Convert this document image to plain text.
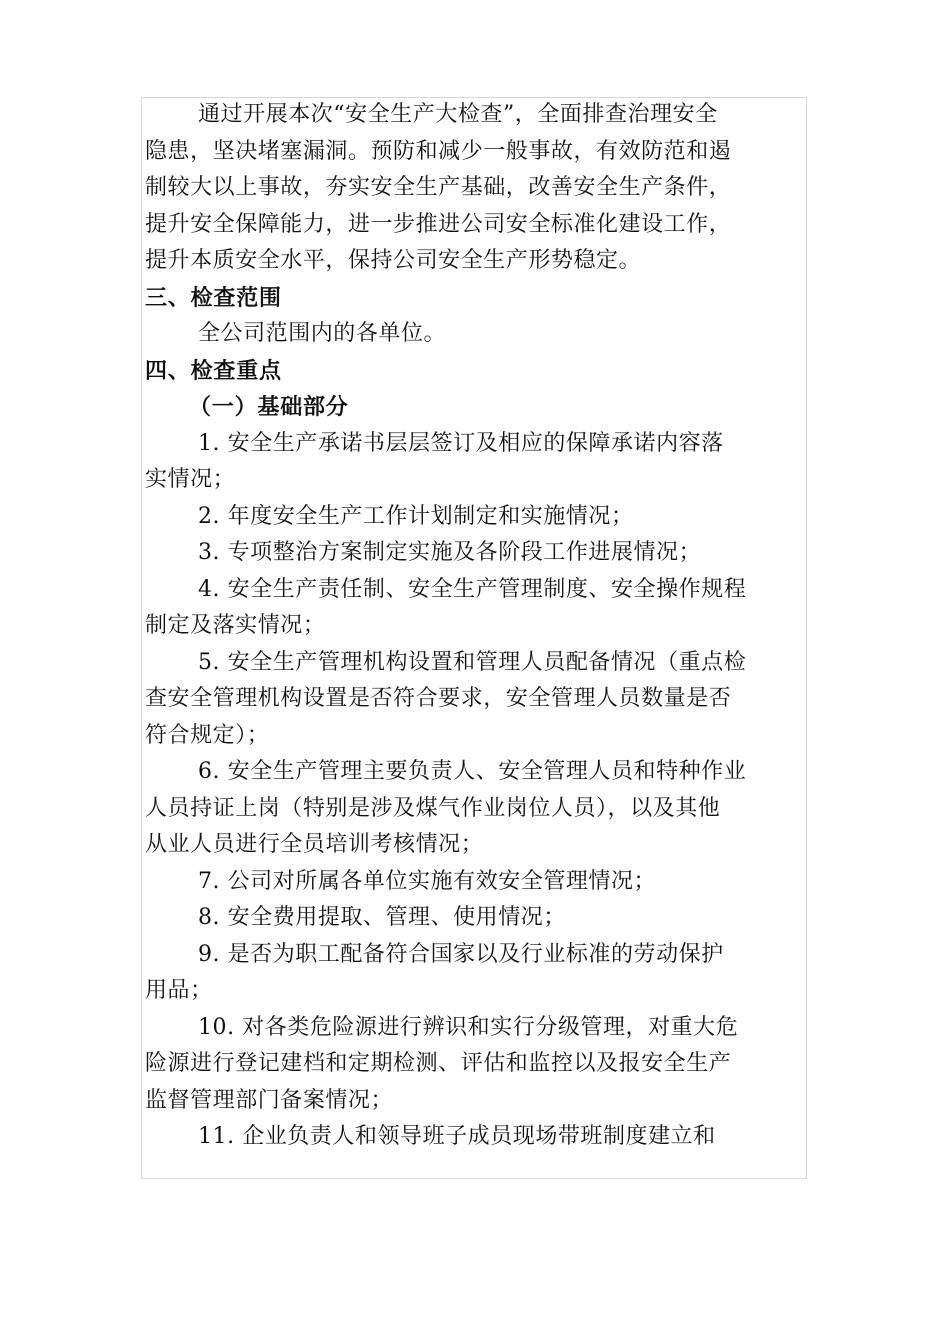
通过开展本次“安全生产大检查”，全面排查治理安全
隐患，坚决堵塞漏洞。预防和减少一般事故，有效防范和遏
制较大以上事故，夯实安全生产基础，改善安全生产条件，
提升安全保障能力，进一步推进公司安全标准化建设工作，
提升本质安全水平，保持公司安全生产形势稳定。
三、检查范围
全公司范围内的各单位。
四、检查重点
（一）基础部分
1. 安全生产承诺书层层签订及相应的保障承诺内容落
实情况；
2. 年度安全生产工作计划制定和实施情况；
3. 专项整治方案制定实施及各阶段工作进展情况；
4. 安全生产责任制、安全生产管理制度、安全操作规程
制定及落实情况；
5. 安全生产管理机构设置和管理人员配备情况（重点检
查安全管理机构设置是否符合要求，安全管理人员数量是否
符合规定）；
6. 安全生产管理主要负责人、安全管理人员和特种作业
人员持证上岗（特别是涉及煤气作业岗位人员），以及其他
从业人员进行全员培训考核情况；
7. 公司对所属各单位实施有效安全管理情况；
8. 安全费用提取、管理、使用情况；
9. 是否为职工配备符合国家以及行业标准的劳动保护
用品；
10. 对各类危险源进行辨识和实行分级管理，对重大危
险源进行登记建档和定期检测、评估和监控以及报安全生产
监督管理部门备案情况；
11. 企业负责人和领导班子成员现场带班制度建立和
